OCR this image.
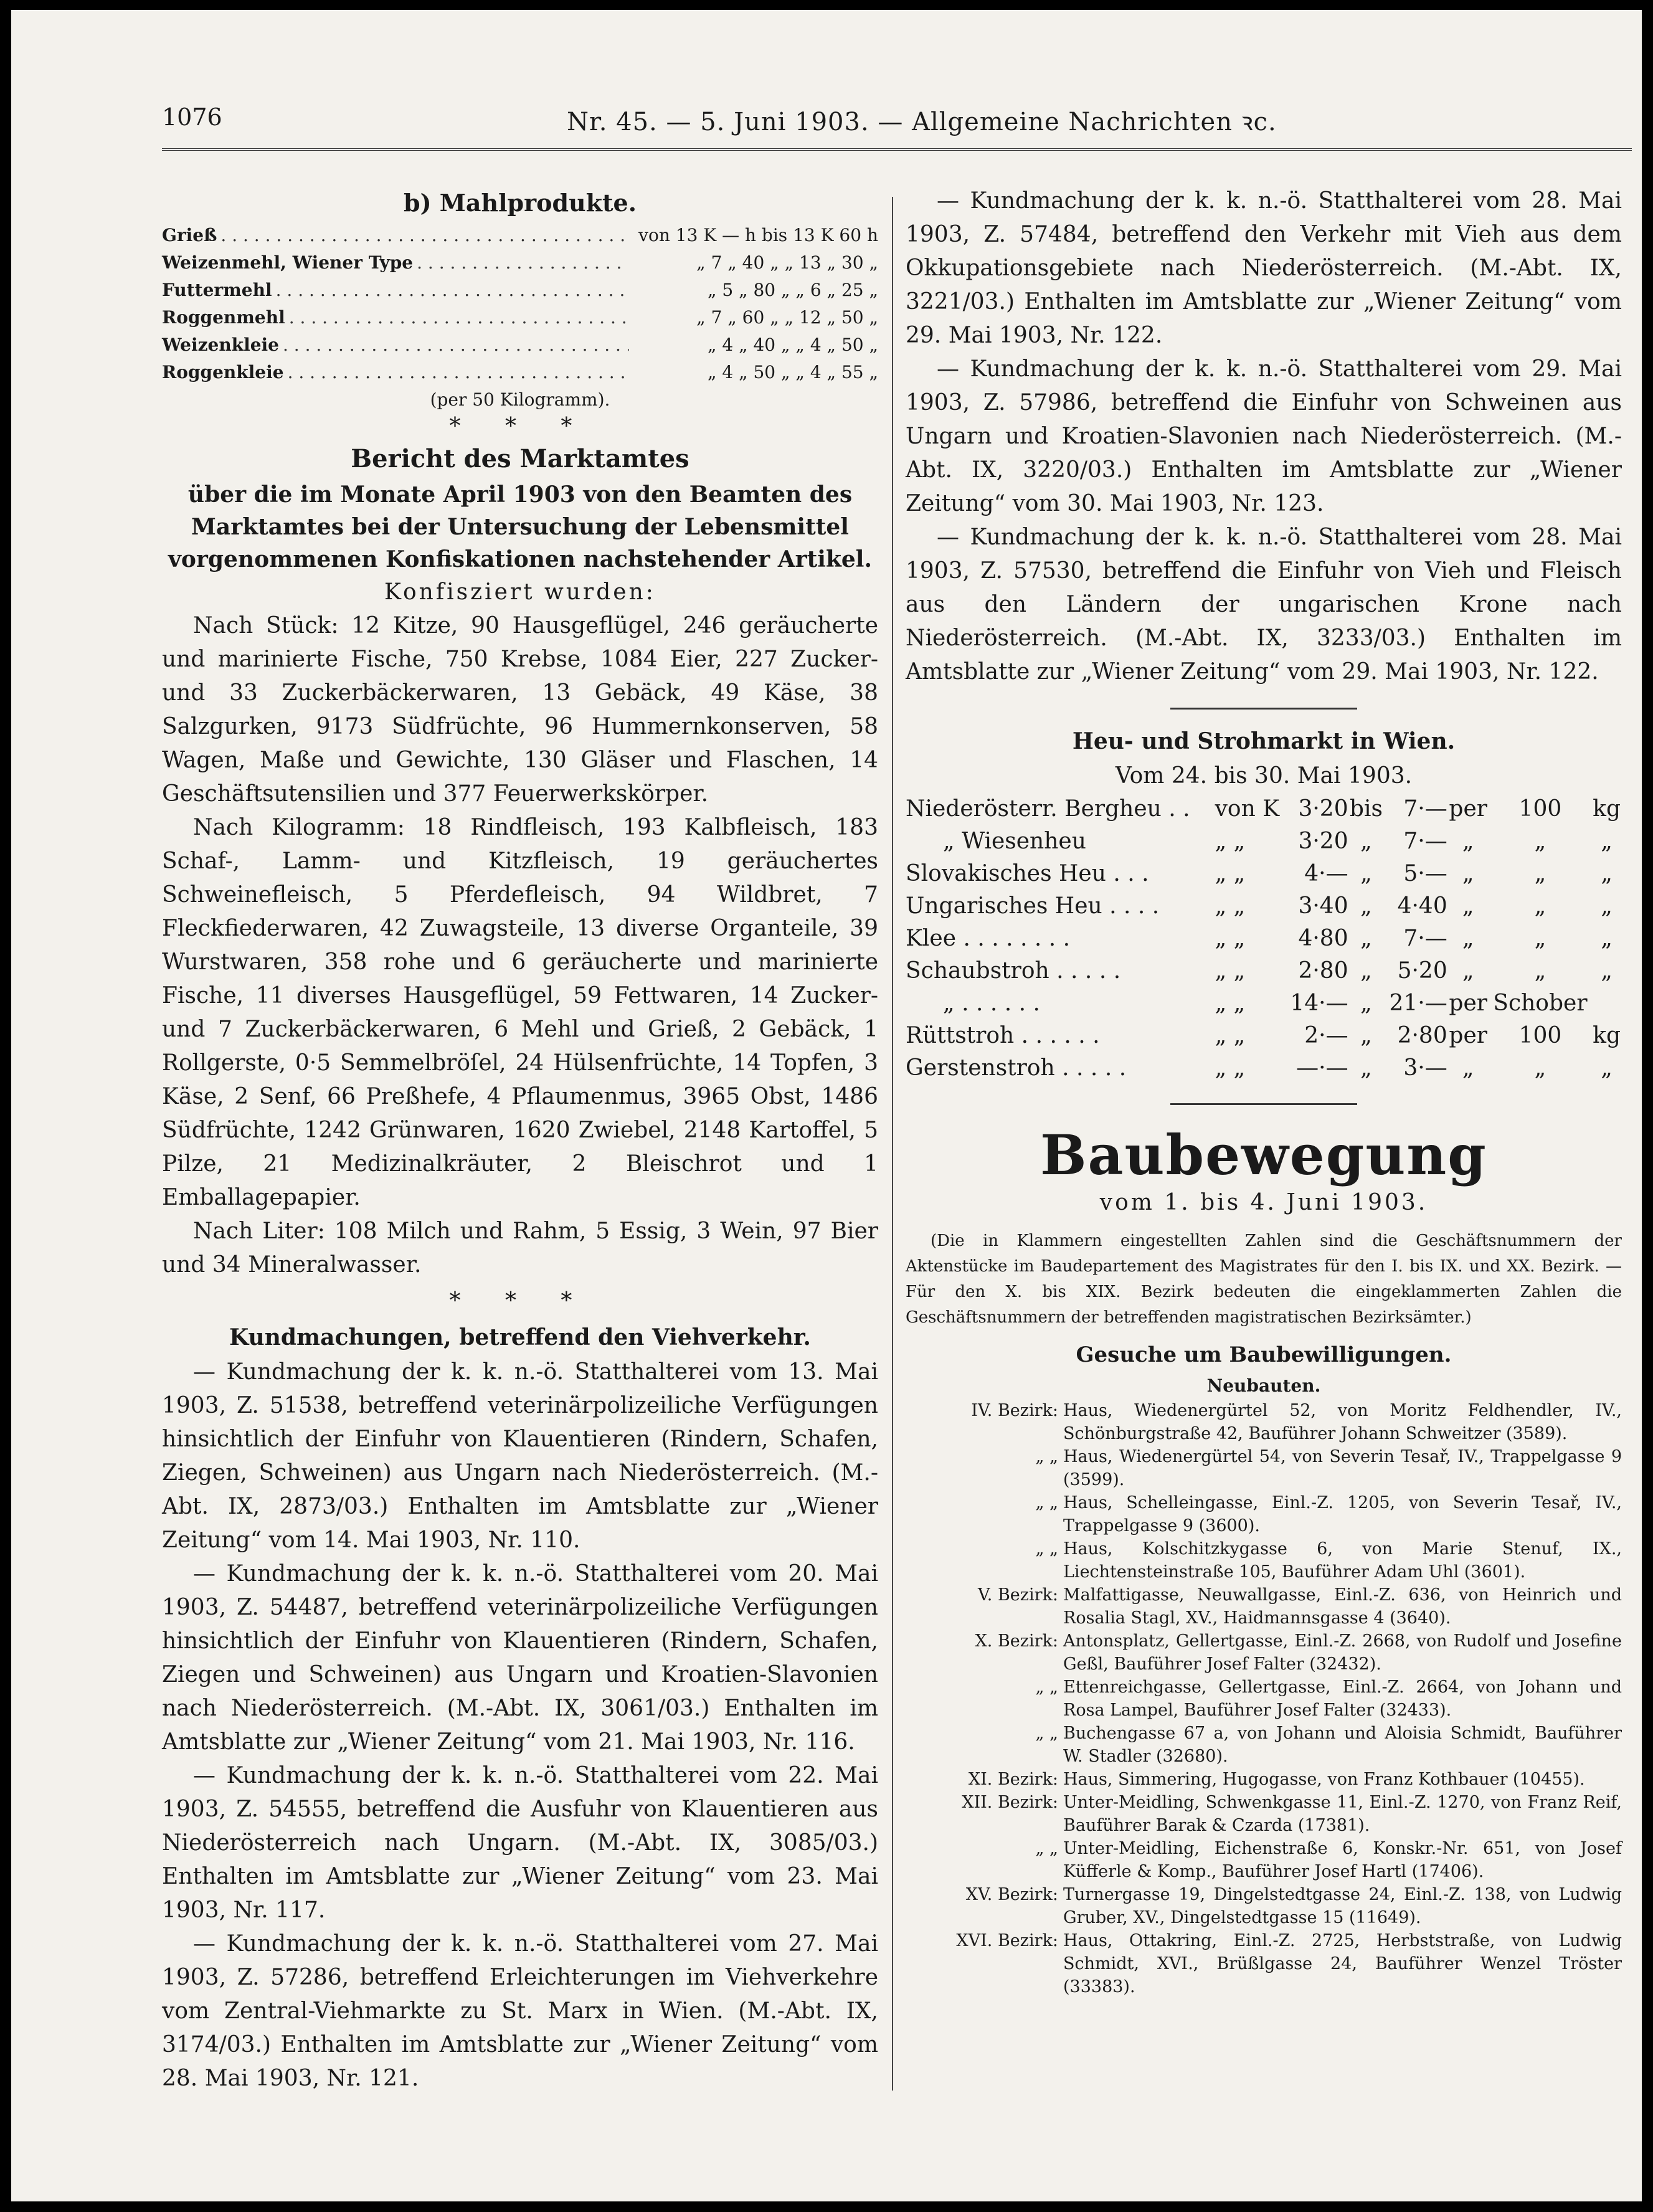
1076	Nr. 45. — 5. Juni 1903. — Allgemeine Nachrichten ꝛc.
b) Mahlprodukte.
Grieß . . .	von 13 K — h bis 13 K 60 h
Weizenmehl, Wiener Type . . .	„ 7 „ 40 „ „ 13 „ 30 „
Futtermehl . . .	„ 5 „ 80 „ „ 6 „ 25 „
Roggenmehl . . .	„ 7 „ 60 „ „ 12 „ 50 „
Weizenkleie . . .	„ 4 „ 40 „ „ 4 „ 50 „
Roggenkleie . . .	„ 4 „ 50 „ „ 4 „ 55 „
(per 50 Kilogramm).
* * *
Bericht des Marktamtes

über die im Monate April 1903 von den Beamten des Marktamtes bei der Untersuchung der Lebensmittel vorgenommenen Konfiskationen nachstehender Artikel.

Konfisziert wurden:

Nach Stück: 12 Kitze, 90 Hausgeflügel, 246 geräucherte und marinierte Fische, 750 Krebse, 1084 Eier, 227 Zucker- und 33 Zuckerbäckerwaren, 13 Gebäck, 49 Käse, 38 Salzgurken, 9173 Südfrüchte, 96 Hummernkonserven, 58 Wagen, Maße und Gewichte, 130 Gläser und Flaschen, 14 Geschäftsutensilien und 377 Feuerwerkskörper.

Nach Kilogramm: 18 Rindfleisch, 193 Kalbfleisch, 183 Schaf-, Lamm- und Kitzfleisch, 19 geräuchertes Schweinefleisch, 5 Pferdefleisch, 94 Wildbret, 7 Fleckfiederwaren, 42 Zuwagsteile, 13 diverse Organteile, 39 Wurstwaren, 358 rohe und 6 geräucherte und marinierte Fische, 11 diverses Hausgeflügel, 59 Fettwaren, 14 Zucker- und 7 Zuckerbäckerwaren, 6 Mehl und Grieß, 2 Gebäck, 1 Rollgerste, 0·5 Semmelbröſel, 24 Hülsenfrüchte, 14 Topfen, 3 Käse, 2 Senf, 66 Preßhefe, 4 Pflaumenmus, 3965 Obst, 1486 Südfrüchte, 1242 Grünwaren, 1620 Zwiebel, 2148 Kartoffel, 5 Pilze, 21 Medizinalkräuter, 2 Bleischrot und 1 Emballagepapier.

Nach Liter: 108 Milch und Rahm, 5 Essig, 3 Wein, 97 Bier und 34 Mineralwasser.

* * *
Kundmachungen, betreffend den Viehverkehr.

— Kundmachung der k. k. n.-ö. Statthalterei vom 13. Mai 1903, Z. 51538, betreffend veterinärpolizeiliche Verfügungen hinsichtlich der Einfuhr von Klauentieren (Rindern, Schafen, Ziegen, Schweinen) aus Ungarn nach Niederösterreich. (M.-Abt. IX, 2873/03.) Enthalten im Amtsblatte zur „Wiener Zeitung“ vom 14. Mai 1903, Nr. 110.

— Kundmachung der k. k. n.-ö. Statthalterei vom 20. Mai 1903, Z. 54487, betreffend veterinärpolizeiliche Verfügungen hinsichtlich der Einfuhr von Klauentieren (Rindern, Schafen, Ziegen und Schweinen) aus Ungarn und Kroatien-Slavonien nach Niederösterreich. (M.-Abt. IX, 3061/03.) Enthalten im Amtsblatte zur „Wiener Zeitung“ vom 21. Mai 1903, Nr. 116.

— Kundmachung der k. k. n.-ö. Statthalterei vom 22. Mai 1903, Z. 54555, betreffend die Ausfuhr von Klauentieren aus Niederösterreich nach Ungarn. (M.-Abt. IX, 3085/03.) Enthalten im Amtsblatte zur „Wiener Zeitung“ vom 23. Mai 1903, Nr. 117.

— Kundmachung der k. k. n.-ö. Statthalterei vom 27. Mai 1903, Z. 57286, betreffend Erleichterungen im Viehverkehre vom Zentral-Viehmarkte zu St. Marx in Wien. (M.-Abt. IX, 3174/03.) Enthalten im Amtsblatte zur „Wiener Zeitung“ vom 28. Mai 1903, Nr. 121.

— Kundmachung der k. k. n.-ö. Statthalterei vom 28. Mai 1903, Z. 57484, betreffend den Verkehr mit Vieh aus dem Okkupationsgebiete nach Niederösterreich. (M.-Abt. IX, 3221/03.) Enthalten im Amtsblatte zur „Wiener Zeitung“ vom 29. Mai 1903, Nr. 122.

— Kundmachung der k. k. n.-ö. Statthalterei vom 29. Mai 1903, Z. 57986, betreffend die Einfuhr von Schweinen aus Ungarn und Kroatien-Slavonien nach Niederösterreich. (M.-Abt. IX, 3220/03.) Enthalten im Amtsblatte zur „Wiener Zeitung“ vom 30. Mai 1903, Nr. 123.

— Kundmachung der k. k. n.-ö. Statthalterei vom 28. Mai 1903, Z. 57530, betreffend die Einfuhr von Vieh und Fleisch aus den Ländern der ungarischen Krone nach Niederösterreich. (M.-Abt. IX, 3233/03.) Enthalten im Amtsblatte zur „Wiener Zeitung“ vom 29. Mai 1903, Nr. 122.

Heu- und Strohmarkt in Wien.
Vom 24. bis 30. Mai 1903.
Niederösterr. Bergheu . .	von K	3·20	bis	7·—	per	100	kg
„ Wiesenheu	„ „	3·20	„	7·—	„	„	„
Slovakisches Heu . . .	„ „	4·—	„	5·—	„	„	„
Ungarisches Heu . . . .	„ „	3·40	„	4·40	„	„	„
Klee . . . . . . . .	„ „	4·80	„	7·—	„	„	„
Schaubstroh . . . . .	„ „	2·80	„	5·20	„	„	„
„ . . . . . .	„ „	14·—	„	21·—	per	Schober	
Rüttstroh . . . . . .	„ „	2·—	„	2·80	per	100	kg
Gerstenstroh . . . . .	„ „	—·—	„	3·—	„	„	„
Baubewegung
vom 1. bis 4. Juni 1903.

(Die in Klammern eingestellten Zahlen sind die Geschäftsnummern der Aktenstücke im Baudepartement des Magistrates für den I. bis IX. und XX. Bezirk. — Für den X. bis XIX. Bezirk bedeuten die eingeklammerten Zahlen die Geschäftsnummern der betreffenden magistratischen Bezirksämter.)

Gesuche um Baubewilligungen.
Neubauten.
IV. Bezirk: Haus, Wiedenergürtel 52, von Moritz Feldhendler, IV., Schönburgstraße 42, Bauführer Johann Schweitzer (3589).
„ „ Haus, Wiedenergürtel 54, von Severin Tesař, IV., Trappelgasse 9 (3599).
„ „ Haus, Schelleingasse, Einl.-Z. 1205, von Severin Tesař, IV., Trappelgasse 9 (3600).
„ „ Haus, Kolschitzkygasse 6, von Marie Stenuf, IX., Liechtensteinstraße 105, Bauführer Adam Uhl (3601).
V. Bezirk: Malfattigasse, Neuwallgasse, Einl.-Z. 636, von Heinrich und Rosalia Stagl, XV., Haidmannsgasse 4 (3640).
X. Bezirk: Antonsplatz, Gellertgasse, Einl.-Z. 2668, von Rudolf und Josefine Geßl, Bauführer Josef Falter (32432).
„ „ Ettenreichgasse, Gellertgasse, Einl.-Z. 2664, von Johann und Rosa Lampel, Bauführer Josef Falter (32433).
„ „ Buchengasse 67 a, von Johann und Aloisia Schmidt, Bauführer W. Stadler (32680).
XI. Bezirk: Haus, Simmering, Hugogasse, von Franz Kothbauer (10455).
XII. Bezirk: Unter-Meidling, Schwenkgasse 11, Einl.-Z. 1270, von Franz Reif, Bauführer Barak & Czarda (17381).
„ „ Unter-Meidling, Eichenstraße 6, Konskr.-Nr. 651, von Josef Küfferle & Komp., Bauführer Josef Hartl (17406).
XV. Bezirk: Turnergasse 19, Dingelstedtgasse 24, Einl.-Z. 138, von Ludwig Gruber, XV., Dingelstedtgasse 15 (11649).
XVI. Bezirk: Haus, Ottakring, Einl.-Z. 2725, Herbststraße, von Ludwig Schmidt, XVI., Brüßlgasse 24, Bauführer Wenzel Tröster (33383).
